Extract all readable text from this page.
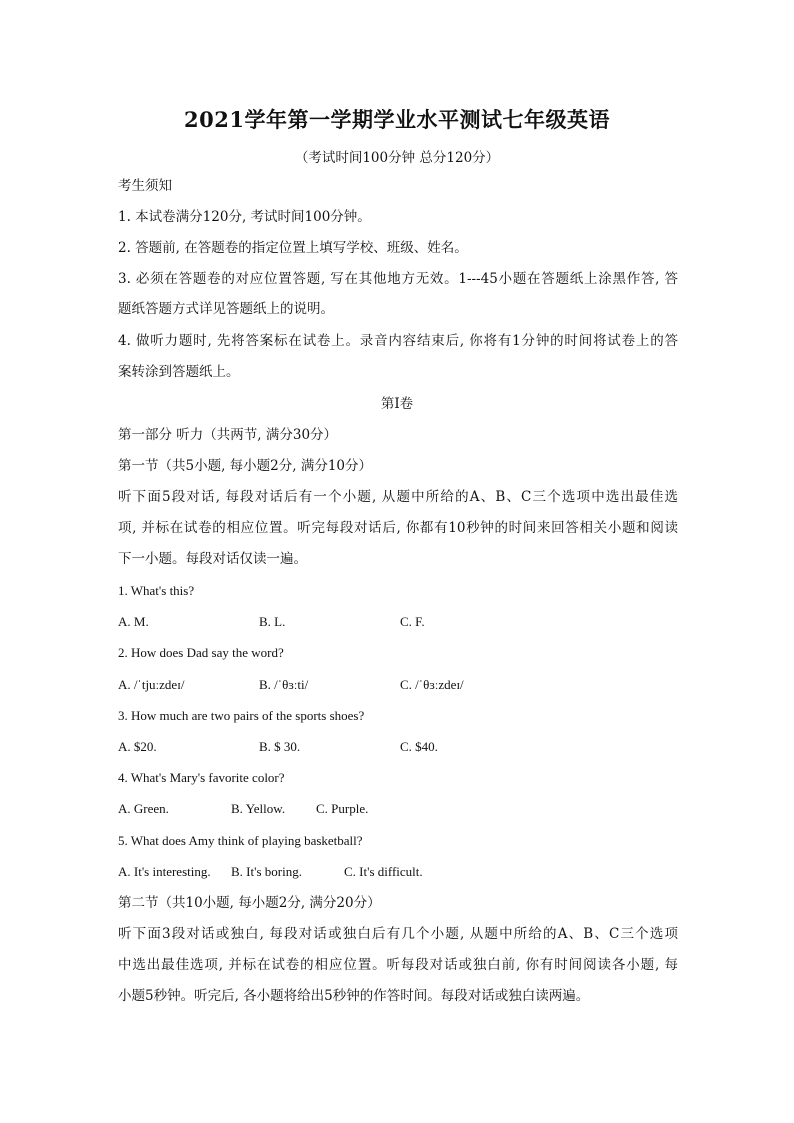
2021学年第一学期学业水平测试七年级英语
（考试时间100分钟 总分120分）
考生须知
1. 本试卷满分120分, 考试时间100分钟。
2. 答题前, 在答题卷的指定位置上填写学校、班级、姓名。
3. 必须在答题卷的对应位置答题, 写在其他地方无效。1---45小题在答题纸上涂黑作答, 答
题纸答题方式详见答题纸上的说明。
4. 做听力题时, 先将答案标在试卷上。录音内容结束后, 你将有1分钟的时间将试卷上的答
案转涂到答题纸上。
第I卷
第一部分 听力（共两节, 满分30分）
第一节（共5小题, 每小题2分, 满分10分）
听下面5段对话, 每段对话后有一个小题, 从题中所给的A、B、C三个选项中选出最佳选
项, 并标在试卷的相应位置。听完每段对话后, 你都有10秒钟的时间来回答相关小题和阅读
下一小题。每段对话仅读一遍。
1. What's this?
A. M.	B. L.	C. F.
2. How does Dad say the word?
A. /ˈtjuːzdeɪ/	B. /ˈθɜːti/	C. /ˈθɜːzdeɪ/
3. How much are two pairs of the sports shoes?
A. $20.	B. $ 30.	C. $40.
4. What's Mary's favorite color?
A. Green.	B. Yellow. C. Purple.
5. What does Amy think of playing basketball?
A. It's interesting. B. It's boring.	C. It's difficult.
第二节（共10小题, 每小题2分, 满分20分）
听下面3段对话或独白, 每段对话或独白后有几个小题, 从题中所给的A、B、C三个选项
中选出最佳选项, 并标在试卷的相应位置。听每段对话或独白前, 你有时间阅读各小题, 每
小题5秒钟。听完后, 各小题将给出5秒钟的作答时间。每段对话或独白读两遍。
